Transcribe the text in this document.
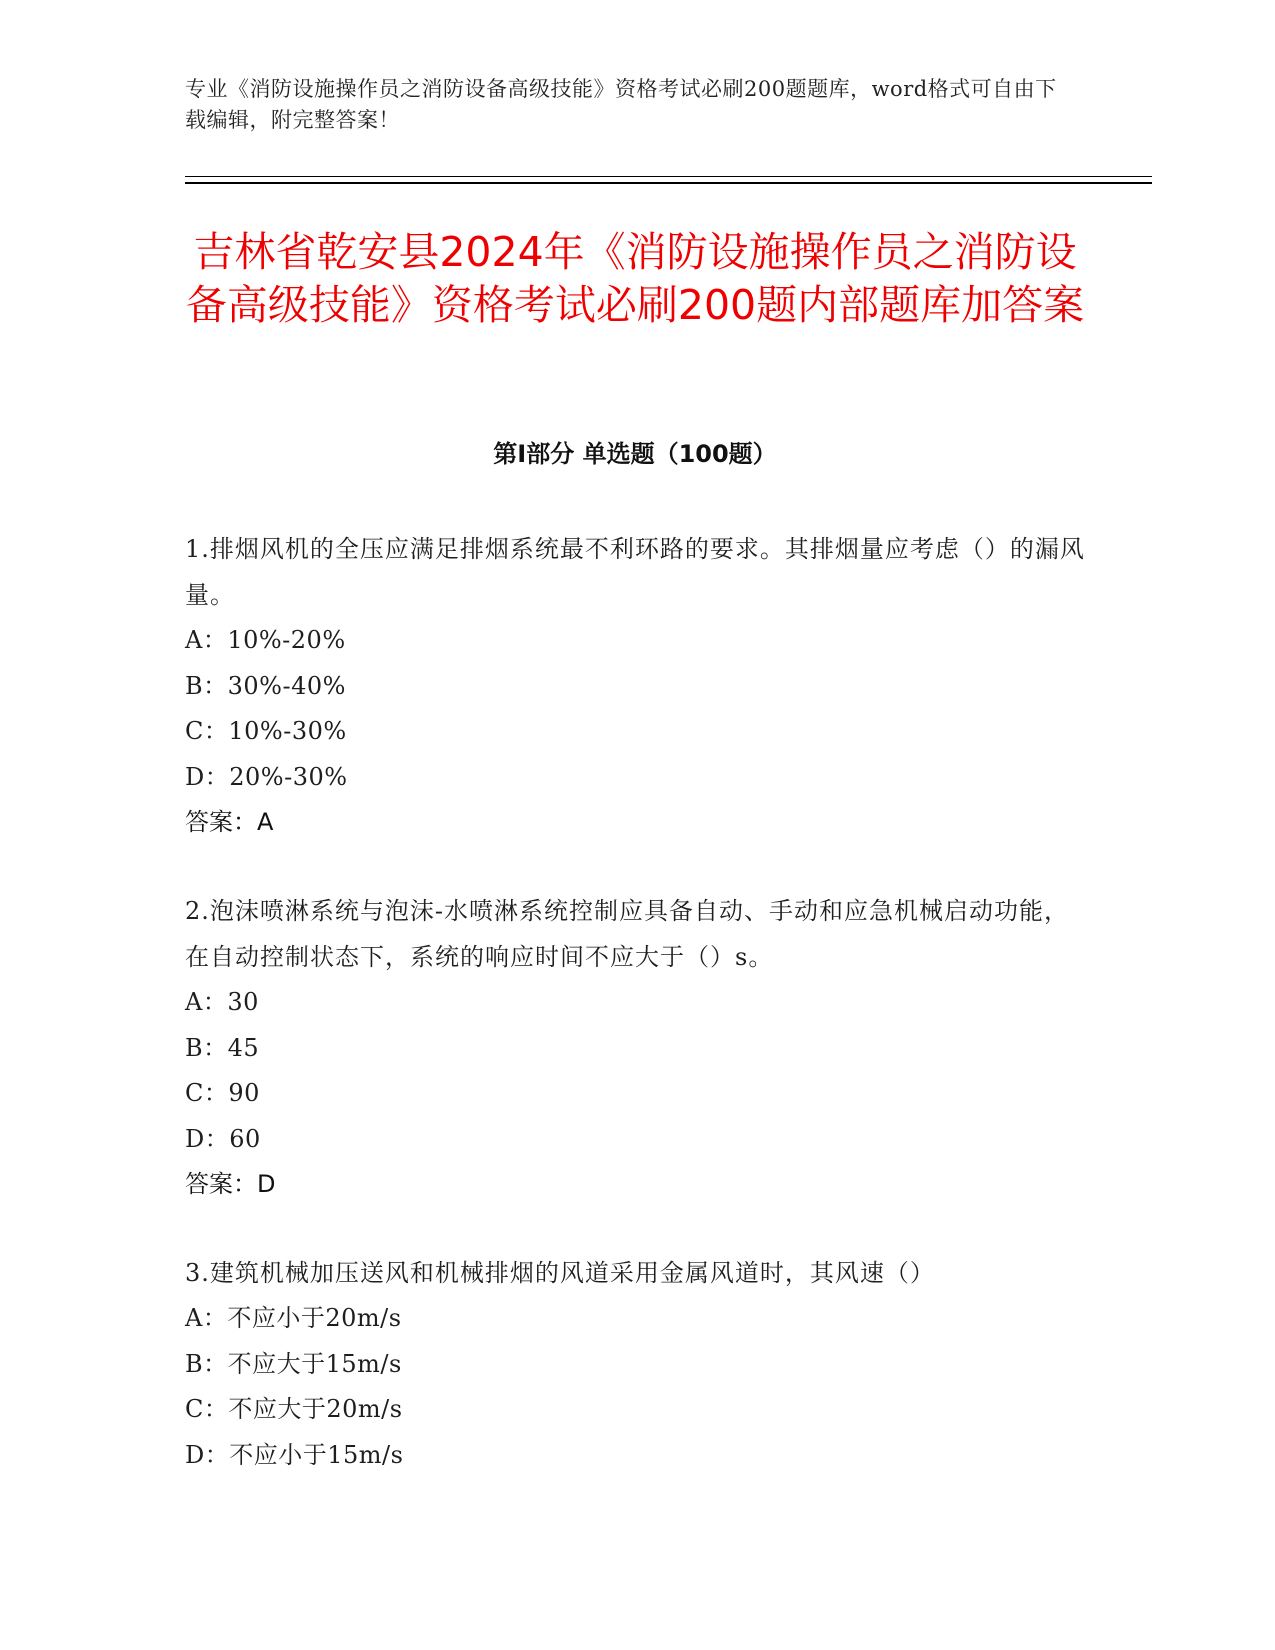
专业《消防设施操作员之消防设备高级技能》资格考试必刷200题题库，word格式可自由下载编辑，附完整答案！
吉林省乾安县2024年《消防设施操作员之消防设备高级技能》资格考试必刷200题内部题库加答案
第Ⅰ部分 单选题（100题）

1.排烟风机的全压应满足排烟系统最不利环路的要求。其排烟量应考虑（）的漏风量。

A：10%-20%

B：30%-40%

C：10%-30%

D：20%-30%

答案：A

2.泡沫喷淋系统与泡沫-水喷淋系统控制应具备自动、手动和应急机械启动功能，在自动控制状态下，系统的响应时间不应大于（）s。

A：30

B：45

C：90

D：60

答案：D

3.建筑机械加压送风和机械排烟的风道采用金属风道时，其风速（）

A：不应小于20m/s

B：不应大于15m/s

C：不应大于20m/s

D：不应小于15m/s
